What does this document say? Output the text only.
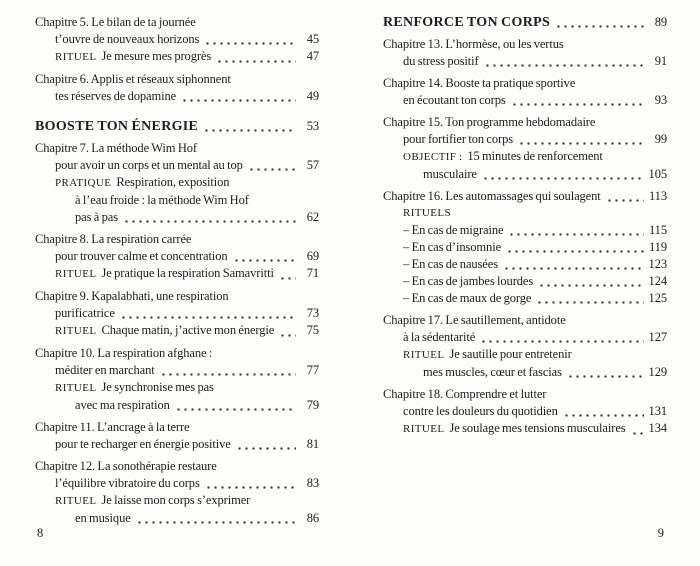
Chapitre 5. Le bilan de ta journée
t’ouvre de nouveaux horizons	45
RITUEL Je mesure mes progrès	47
Chapitre 6. Applis et réseaux siphonnent
tes réserves de dopamine	49
BOOSTE TON ÉNERGIE	53
Chapitre 7. La méthode Wim Hof
pour avoir un corps et un mental au top	57
PRATIQUE Respiration, exposition
à l’eau froide : la méthode Wim Hof
pas à pas	62
Chapitre 8. La respiration carrée
pour trouver calme et concentration	69
RITUEL Je pratique la respiration Samavritti	71
Chapitre 9. Kapalabhati, une respiration
purificatrice	73
RITUEL Chaque matin, j’active mon énergie	75
Chapitre 10. La respiration afghane :
méditer en marchant	77
RITUEL Je synchronise mes pas
avec ma respiration	79
Chapitre 11. L’ancrage à la terre
pour te recharger en énergie positive	81
Chapitre 12. La sonothérapie restaure
l’équilibre vibratoire du corps	83
RITUEL Je laisse mon corps s’exprimer
en musique	86
RENFORCE TON CORPS	89
Chapitre 13. L’hormèse, ou les vertus
du stress positif	91
Chapitre 14. Booste ta pratique sportive
en écoutant ton corps	93
Chapitre 15. Ton programme hebdomadaire
pour fortifier ton corps	99
OBJECTIF : 15 minutes de renforcement
musculaire	105
Chapitre 16. Les automassages qui soulagent	113
RITUELS
– En cas de migraine	115
– En cas d’insomnie	119
– En cas de nausées	123
– En cas de jambes lourdes	124
– En cas de maux de gorge	125
Chapitre 17. Le sautillement, antidote
à la sédentarité	127
RITUEL Je sautille pour entretenir
mes muscles, cœur et fascias	129
Chapitre 18. Comprendre et lutter
contre les douleurs du quotidien	131
RITUEL Je soulage mes tensions musculaires 134
8	9
